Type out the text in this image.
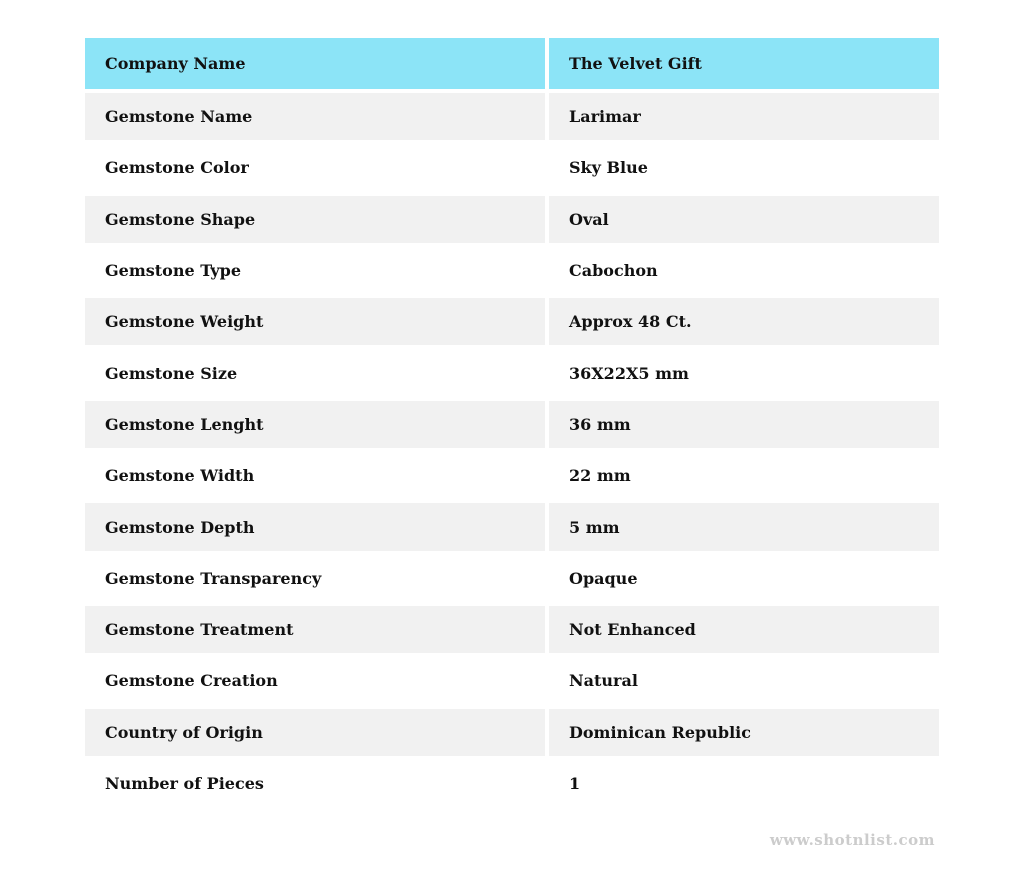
Company Name	The Velvet Gift
Gemstone Name	Larimar
Gemstone Color	Sky Blue
Gemstone Shape	Oval
Gemstone Type	Cabochon
Gemstone Weight	Approx 48 Ct.
Gemstone Size	36X22X5 mm
Gemstone Lenght	36 mm
Gemstone Width	22 mm
Gemstone Depth	5 mm
Gemstone Transparency	Opaque
Gemstone Treatment	Not Enhanced
Gemstone Creation	Natural
Country of Origin	Dominican Republic
Number of Pieces	1
www.shotnlist.com
